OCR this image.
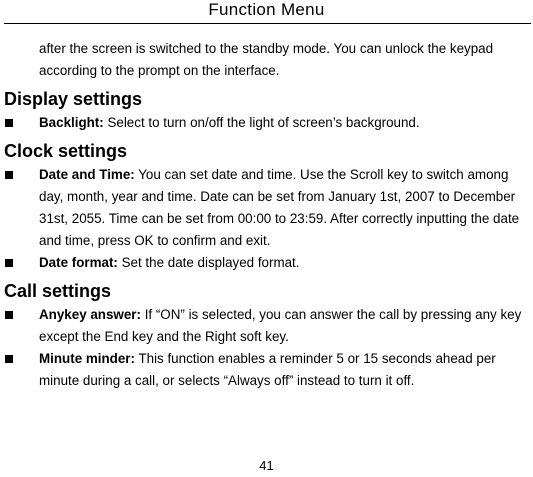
Function Menu

after the screen is switched to the standby mode. You can unlock the keypad according to the prompt on the interface.

Display settings
Backlight: Select to turn on/off the light of screen’s background.
Clock settings
Date and Time: You can set date and time. Use the Scroll key to switch among day, month, year and time. Date can be set from January 1st, 2007 to December 31st, 2055. Time can be set from 00:00 to 23:59. After correctly inputting the date and time, press OK to confirm and exit.
Date format: Set the date displayed format.
Call settings
Anykey answer: If “ON” is selected, you can answer the call by pressing any key except the End key and the Right soft key.
Minute minder: This function enables a reminder 5 or 15 seconds ahead per minute during a call, or selects “Always off” instead to turn it off.
41
